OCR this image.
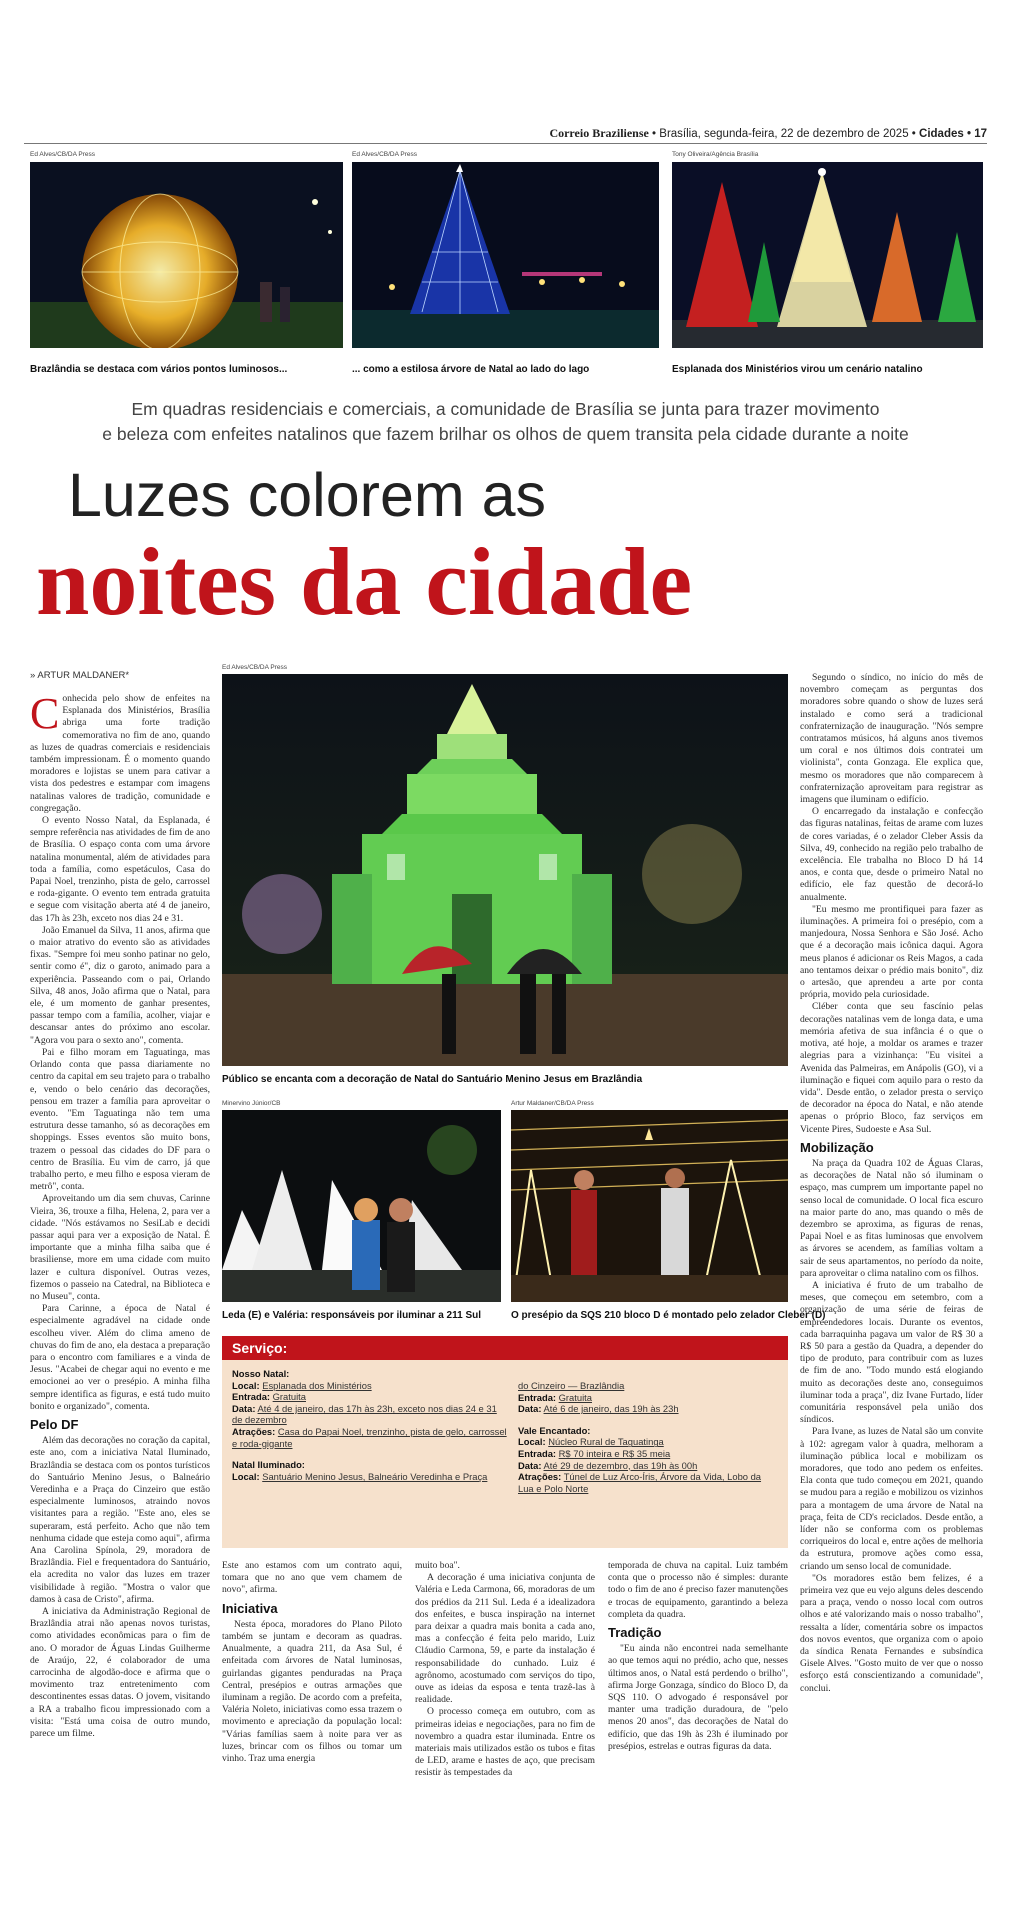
Correio Braziliense • Brasília, segunda-feira, 22 de dezembro de 2025 • Cidades • 17
Ed Alves/CB/DA Press
Brazlândia se destaca com vários pontos luminosos...
Ed Alves/CB/DA Press
... como a estilosa árvore de Natal ao lado do lago
Tony Oliveira/Agência Brasília
Esplanada dos Ministérios virou um cenário natalino
Em quadras residenciais e comerciais, a comunidade de Brasília se junta para trazer movimento
e beleza com enfeites natalinos que fazem brilhar os olhos de quem transita pela cidade durante a noite
Luzes colorem as
noites da cidade
» ARTUR MALDANER*

Conhecida pelo show de enfeites na Esplanada dos Ministérios, Brasília abriga uma forte tradição comemorativa no fim de ano, quando as luzes de quadras comerciais e residenciais também impressionam. É o momento quando moradores e lojistas se unem para cativar a vista dos pedestres e estampar com imagens natalinas valores de tradição, comunidade e congregação.

O evento Nosso Natal, da Esplanada, é sempre referência nas atividades de fim de ano de Brasília. O espaço conta com uma árvore natalina monumental, além de atividades para toda a família, como espetáculos, Casa do Papai Noel, trenzinho, pista de gelo, carrossel e roda-gigante. O evento tem entrada gratuita e segue com visitação aberta até 4 de janeiro, das 17h às 23h, exceto nos dias 24 e 31.

João Emanuel da Silva, 11 anos, afirma que o maior atrativo do evento são as atividades fixas. "Sempre foi meu sonho patinar no gelo, sentir como é", diz o garoto, animado para a experiência. Passeando com o pai, Orlando Silva, 48 anos, João afirma que o Natal, para ele, é um momento de ganhar presentes, passar tempo com a família, acolher, viajar e descansar antes do próximo ano escolar. "Agora vou para o sexto ano", comenta.

Pai e filho moram em Taguatinga, mas Orlando conta que passa diariamente no centro da capital em seu trajeto para o trabalho e, vendo o belo cenário das decorações, pensou em trazer a família para aproveitar o evento. "Em Taguatinga não tem uma estrutura desse tamanho, só as decorações em shoppings. Esses eventos são muito bons, trazem o pessoal das cidades do DF para o centro de Brasília. Eu vim de carro, já que trabalho perto, e meu filho e esposa vieram de metrô", conta.

Aproveitando um dia sem chuvas, Carinne Vieira, 36, trouxe a filha, Helena, 2, para ver a cidade. "Nós estávamos no SesiLab e decidi passar aqui para ver a exposição de Natal. É importante que a minha filha saiba que é brasiliense, more em uma cidade com muito lazer e cultura disponível. Outras vezes, fizemos o passeio na Catedral, na Biblioteca e no Museu", conta.

Para Carinne, a época de Natal é especialmente agradável na cidade onde escolheu viver. Além do clima ameno de chuvas do fim de ano, ela destaca a preparação para o encontro com familiares e a vinda de Jesus. "Acabei de chegar aqui no evento e me emocionei ao ver o presépio. A minha filha sempre identifica as figuras, e está tudo muito bonito e organizado", comenta.

Pelo DF

Além das decorações no coração da capital, este ano, com a iniciativa Natal Iluminado, Brazlândia se destaca com os pontos turísticos do Santuário Menino Jesus, o Balneário Veredinha e a Praça do Cinzeiro que estão especialmente luminosos, atraindo novos visitantes para a região. "Este ano, eles se superaram, está perfeito. Acho que não tem nenhuma cidade que esteja como aqui", afirma Ana Carolina Spínola, 29, moradora de Brazlândia. Fiel e frequentadora do Santuário, ela acredita no valor das luzes em trazer visibilidade à região. "Mostra o valor que damos à casa de Cristo", afirma.

A iniciativa da Administração Regional de Brazlândia atrai não apenas novos turistas, como atividades econômicas para o fim de ano. O morador de Águas Lindas Guilherme de Araújo, 22, é colaborador de uma carrocinha de algodão-doce e afirma que o movimento traz entretenimento com descontinentes essas datas. O jovem, visitando a RA a trabalho ficou impressionado com a visita: "Está uma coisa de outro mundo, parece um filme.

Ed Alves/CB/DA Press
Público se encanta com a decoração de Natal do Santuário Menino Jesus em Brazlândia
Minervino Júnior/CB
Leda (E) e Valéria: responsáveis por iluminar a 211 Sul
Artur Maldaner/CB/DA Press
O presépio da SQS 210 bloco D é montado pelo zelador Cleber (D)
Serviço:
Nosso Natal:
Local: Esplanada dos Ministérios
Entrada: Gratuita
Data: Até 4 de janeiro, das 17h às 23h, exceto nos dias 24 e 31 de dezembro
Atrações: Casa do Papai Noel, trenzinho, pista de gelo, carrossel e roda-gigante
Natal Iluminado:
Local: Santuário Menino Jesus, Balneário Veredinha e Praça
do Cinzeiro — Brazlândia
Entrada: Gratuita
Data: Até 6 de janeiro, das 19h às 23h
Vale Encantado:
Local: Núcleo Rural de Taguatinga
Entrada: R$ 70 inteira e R$ 35 meia
Data: Até 29 de dezembro, das 19h às 00h
Atrações: Túnel de Luz Arco-Íris, Árvore da Vida, Lobo da Lua e Polo Norte

Este ano estamos com um contrato aqui, tomara que no ano que vem chamem de novo", afirma.

Iniciativa

Nesta época, moradores do Plano Piloto também se juntam e decoram as quadras. Anualmente, a quadra 211, da Asa Sul, é enfeitada com árvores de Natal luminosas, guirlandas gigantes penduradas na Praça Central, presépios e outras armações que iluminam a região. De acordo com a prefeita, Valéria Noleto, iniciativas como essa trazem o movimento e apreciação da população local: "Várias famílias saem à noite para ver as luzes, brincar com os filhos ou tomar um vinho. Traz uma energia

muito boa".

A decoração é uma iniciativa conjunta de Valéria e Leda Carmona, 66, moradoras de um dos prédios da 211 Sul. Leda é a idealizadora dos enfeites, e busca inspiração na internet para deixar a quadra mais bonita a cada ano, mas a confecção é feita pelo marido, Luiz Cláudio Carmona, 59, e parte da instalação é responsabilidade do cunhado. Luiz é agrônomo, acostumado com serviços do tipo, ouve as ideias da esposa e tenta trazê-las à realidade.

O processo começa em outubro, com as primeiras ideias e negociações, para no fim de novembro a quadra estar iluminada. Entre os materiais mais utilizados estão os tubos e fitas de LED, arame e hastes de aço, que precisam resistir às tempestades da

temporada de chuva na capital. Luiz também conta que o processo não é simples: durante todo o fim de ano é preciso fazer manutenções e trocas de equipamento, garantindo a beleza completa da quadra.

Tradição

"Eu ainda não encontrei nada semelhante ao que temos aqui no prédio, acho que, nesses últimos anos, o Natal está perdendo o brilho", afirma Jorge Gonzaga, síndico do Bloco D, da SQS 110. O advogado é responsável por manter uma tradição duradoura, de "pelo menos 20 anos", das decorações de Natal do edifício, que das 19h às 23h é iluminado por presépios, estrelas e outras figuras da data.

Segundo o síndico, no início do mês de novembro começam as perguntas dos moradores sobre quando o show de luzes será instalado e como será a tradicional confraternização de inauguração. "Nós sempre contratamos músicos, há alguns anos tivemos um coral e nos últimos dois contratei um violinista", conta Gonzaga. Ele explica que, mesmo os moradores que não comparecem à confraternização aproveitam para registrar as imagens que iluminam o edifício.

O encarregado da instalação e confecção das figuras natalinas, feitas de arame com luzes de cores variadas, é o zelador Cleber Assis da Silva, 49, conhecido na região pelo trabalho de excelência. Ele trabalha no Bloco D há 14 anos, e conta que, desde o primeiro Natal no edifício, ele faz questão de decorá-lo anualmente.

"Eu mesmo me prontifiquei para fazer as iluminações. A primeira foi o presépio, com a manjedoura, Nossa Senhora e São José. Acho que é a decoração mais icônica daqui. Agora meus planos é adicionar os Reis Magos, a cada ano tentamos deixar o prédio mais bonito", diz o artesão, que aprendeu a arte por conta própria, movido pela curiosidade.

Cléber conta que seu fascínio pelas decorações natalinas vem de longa data, e uma memória afetiva de sua infância é o que o motiva, até hoje, a moldar os arames e trazer alegrias para a vizinhança: "Eu visitei a Avenida das Palmeiras, em Anápolis (GO), vi a iluminação e fiquei com aquilo para o resto da vida". Desde então, o zelador presta o serviço de decorador na época do Natal, e não atende apenas o próprio Bloco, faz serviços em Vicente Pires, Sudoeste e Asa Sul.

Mobilização

Na praça da Quadra 102 de Águas Claras, as decorações de Natal não só iluminam o espaço, mas cumprem um importante papel no senso local de comunidade. O local fica escuro na maior parte do ano, mas quando o mês de dezembro se aproxima, as figuras de renas, Papai Noel e as fitas luminosas que envolvem as árvores se acendem, as famílias voltam a sair de seus apartamentos, no período da noite, para aproveitar o clima natalino com os filhos.

A iniciativa é fruto de um trabalho de meses, que começou em setembro, com a organização de uma série de feiras de empreendedores locais. Durante os eventos, cada barraquinha pagava um valor de R$ 30 a R$ 50 para a gestão da Quadra, a depender do tipo de produto, para contribuir com as luzes de fim de ano. "Todo mundo está elogiando muito as decorações deste ano, conseguimos iluminar toda a praça", diz Ivane Furtado, líder comunitária responsável pela união dos síndicos.

Para Ivane, as luzes de Natal são um convite à 102: agregam valor à quadra, melhoram a iluminação pública local e mobilizam os moradores, que todo ano pedem os enfeites. Ela conta que tudo começou em 2021, quando se mudou para a região e mobilizou os vizinhos para a montagem de uma árvore de Natal na praça, feita de CD's reciclados. Desde então, a líder não se conforma com os problemas corriqueiros do local e, entre ações de melhoria da estrutura, promove ações como essa, criando um senso local de comunidade.

"Os moradores estão bem felizes, é a primeira vez que eu vejo alguns deles descendo para a praça, vendo o nosso local com outros olhos e até valorizando mais o nosso trabalho", ressalta a líder, comentária sobre os impactos dos novos eventos, que organiza com o apoio da síndica Renata Fernandes e subsíndica Gisele Alves. "Gosto muito de ver que o nosso esforço está conscientizando a comunidade", conclui.
